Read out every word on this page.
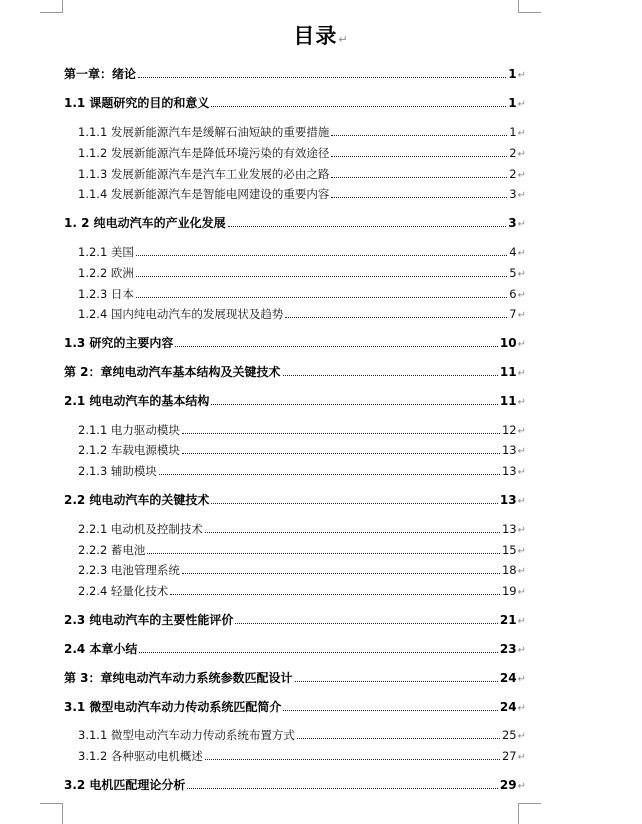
目录↵
第一章：绪论	1 ↵
1.1 课题研究的目的和意义	1 ↵
1.1.1 发展新能源汽车是缓解石油短缺的重要措施	1 ↵
1.1.2 发展新能源汽车是降低环境污染的有效途径	2 ↵
1.1.3 发展新能源汽车是汽车工业发展的必由之路	2 ↵
1.1.4 发展新能源汽车是智能电网建设的重要内容	3 ↵
1. 2 纯电动汽车的产业化发展	3 ↵
1.2.1 美国	4 ↵
1.2.2 欧洲	5 ↵
1.2.3 日本	6 ↵
1.2.4 国内纯电动汽车的发展现状及趋势	7 ↵
1.3 研究的主要内容	10 ↵
第 2：章纯电动汽车基本结构及关键技术	11 ↵
2.1 纯电动汽车的基本结构	11 ↵
2.1.1 电力驱动模块	12 ↵
2.1.2 车载电源模块	13 ↵
2.1.3 辅助模块	13 ↵
2.2 纯电动汽车的关键技术	13 ↵
2.2.1 电动机及控制技术	13 ↵
2.2.2 蓄电池	15 ↵
2.2.3 电池管理系统	18 ↵
2.2.4 轻量化技术	19 ↵
2.3 纯电动汽车的主要性能评价	21 ↵
2.4 本章小结	23 ↵
第 3：章纯电动汽车动力系统参数匹配设计	24 ↵
3.1 微型电动汽车动力传动系统匹配简介	24 ↵
3.1.1 微型电动汽车动力传动系统布置方式	25 ↵
3.1.2 各种驱动电机概述	27 ↵
3.2 电机匹配理论分析	29 ↵
